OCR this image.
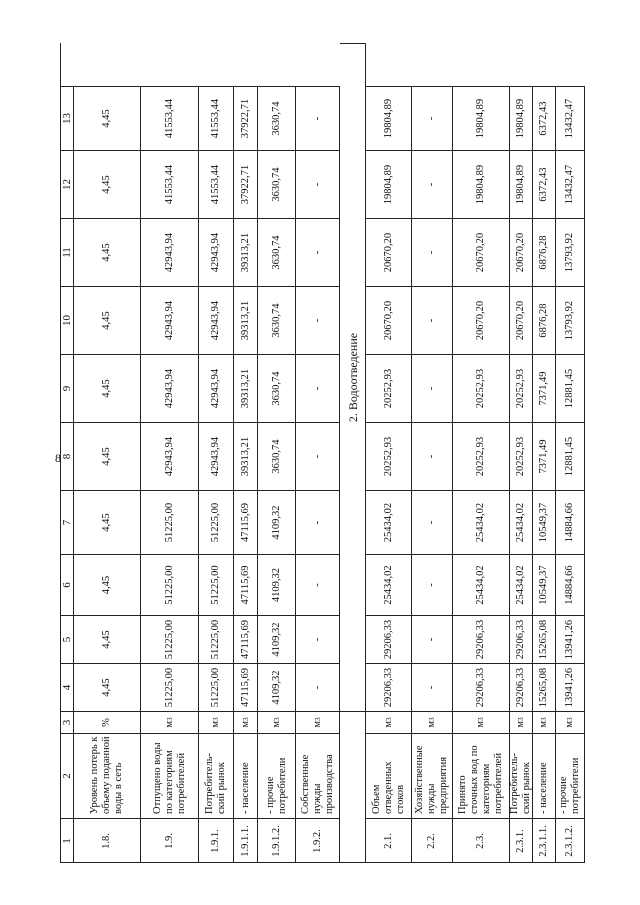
8
1
2
3
4
5
6
7
8
9
10
11
12
13
1.8.
Уровень потерь к объему поданной воды в сеть
%
4,45
4,45
4,45
4,45
4,45
4,45
4,45
4,45
4,45
4,45
1.9.
Отпущено воды по категориям потребителей
м
3
51225,00
51225,00
51225,00
51225,00
42943,94
42943,94
42943,94
42943,94
41553,44
41553,44
1.9.1.
Потребитель-ский рынок
м
3
51225,00
51225,00
51225,00
51225,00
42943,94
42943,94
42943,94
42943,94
41553,44
41553,44
1.9.1.1.
- население
м
3
47115,69
47115,69
47115,69
47115,69
39313,21
39313,21
39313,21
39313,21
37922,71
37922,71
1.9.1.2.
- прочие потребители
м
3
4109,32
4109,32
4109,32
4109,32
3630,74
3630,74
3630,74
3630,74
3630,74
3630,74
1.9.2.
Собственные нужды производства
м
3
-
-
-
-
-
-
-
-
-
-
2. Водоотведение
2.1.
Объем отведенных стоков
м
3
29206,33
29206,33
25434,02
25434,02
20252,93
20252,93
20670,20
20670,20
19804,89
19804,89
2.2.
Хозяйственные нужды предприятия
м
3
-
-
-
-
-
-
-
-
-
-
2.3.
Принято сточных вод по категориям потребителей
м
3
29206,33
29206,33
25434,02
25434,02
20252,93
20252,93
20670,20
20670,20
19804,89
19804,89
2.3.1.
Потребитель-ский рынок
м
3
29206,33
29206,33
25434,02
25434,02
20252,93
20252,93
20670,20
20670,20
19804,89
19804,89
2.3.1.1.
- население
м
3
15265,08
15265,08
10549,37
10549,37
7371,49
7371,49
6876,28
6876,28
6372,43
6372,43
2.3.1.2.
- прочие потребители
м
3
13941,26
13941,26
14884,66
14884,66
12881,45
12881,45
13793,92
13793,92
13432,47
13432,47
